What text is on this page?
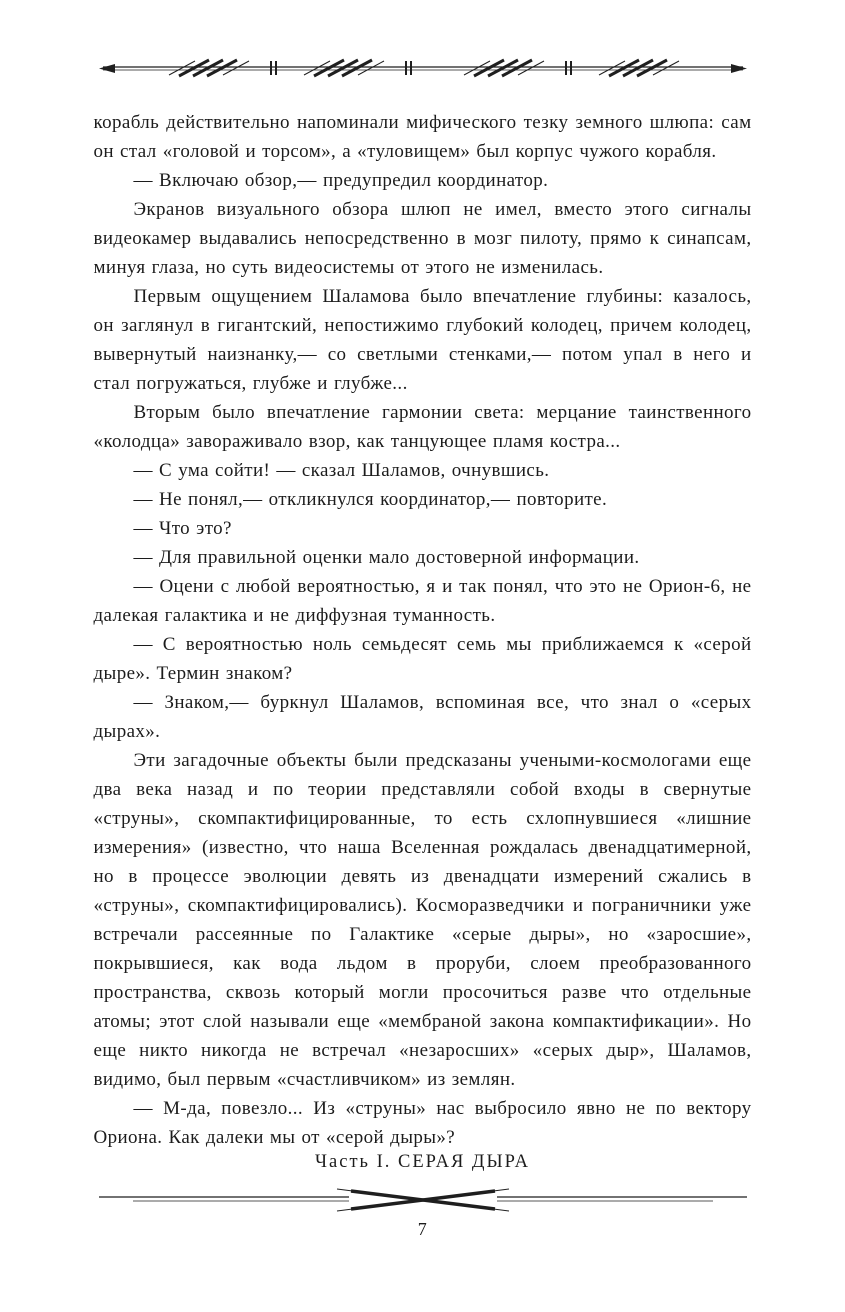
корабль действительно напоминали мифического тезку земного шлюпа: сам он стал «головой и торсом», а «туловищем» был корпус чужого корабля.

— Включаю обзор,— предупредил координатор.

Экранов визуального обзора шлюп не имел, вместо этого сигналы видеокамер выдавались непосредственно в мозг пилоту, прямо к синапсам, минуя глаза, но суть видеосистемы от этого не изменилась.

Первым ощущением Шаламова было впечатление глубины: казалось, он заглянул в гигантский, непостижимо глубокий колодец, причем колодец, вывернутый наизнанку,— со светлыми стенками,— потом упал в него и стал погружаться, глубже и глубже...

Вторым было впечатление гармонии света: мерцание таинственного «колодца» завораживало взор, как танцующее пламя костра...

— С ума сойти! — сказал Шаламов, очнувшись.

— Не понял,— откликнулся координатор,— повторите.

— Что это?

— Для правильной оценки мало достоверной информации.

— Оцени с любой вероятностью, я и так понял, что это не Орион-6, не далекая галактика и не диффузная туманность.

— С вероятностью ноль семьдесят семь мы приближаемся к «серой дыре». Термин знаком?

— Знаком,— буркнул Шаламов, вспоминая все, что знал о «серых дырах».

Эти загадочные объекты были предсказаны учеными-космологами еще два века назад и по теории представляли собой входы в свернутые «струны», скомпактифицированные, то есть схлопнувшиеся «лишние измерения» (известно, что наша Вселенная рождалась двенадцатимерной, но в процессе эволюции девять из двенадцати измерений сжались в «струны», скомпактифицировались). Косморазведчики и пограничники уже встречали рассеянные по Галактике «серые дыры», но «заросшие», покрывшиеся, как вода льдом в проруби, слоем преобразованного пространства, сквозь который могли просочиться разве что отдельные атомы; этот слой называли еще «мембраной закона компактификации». Но еще никто никогда не встречал «незаросших» «серых дыр», Шаламов, видимо, был первым «счастливчиком» из землян.

— М-да, повезло... Из «струны» нас выбросило явно не по вектору Ориона. Как далеки мы от «серой дыры»?

Часть I. СЕРАЯ ДЫРА
7
